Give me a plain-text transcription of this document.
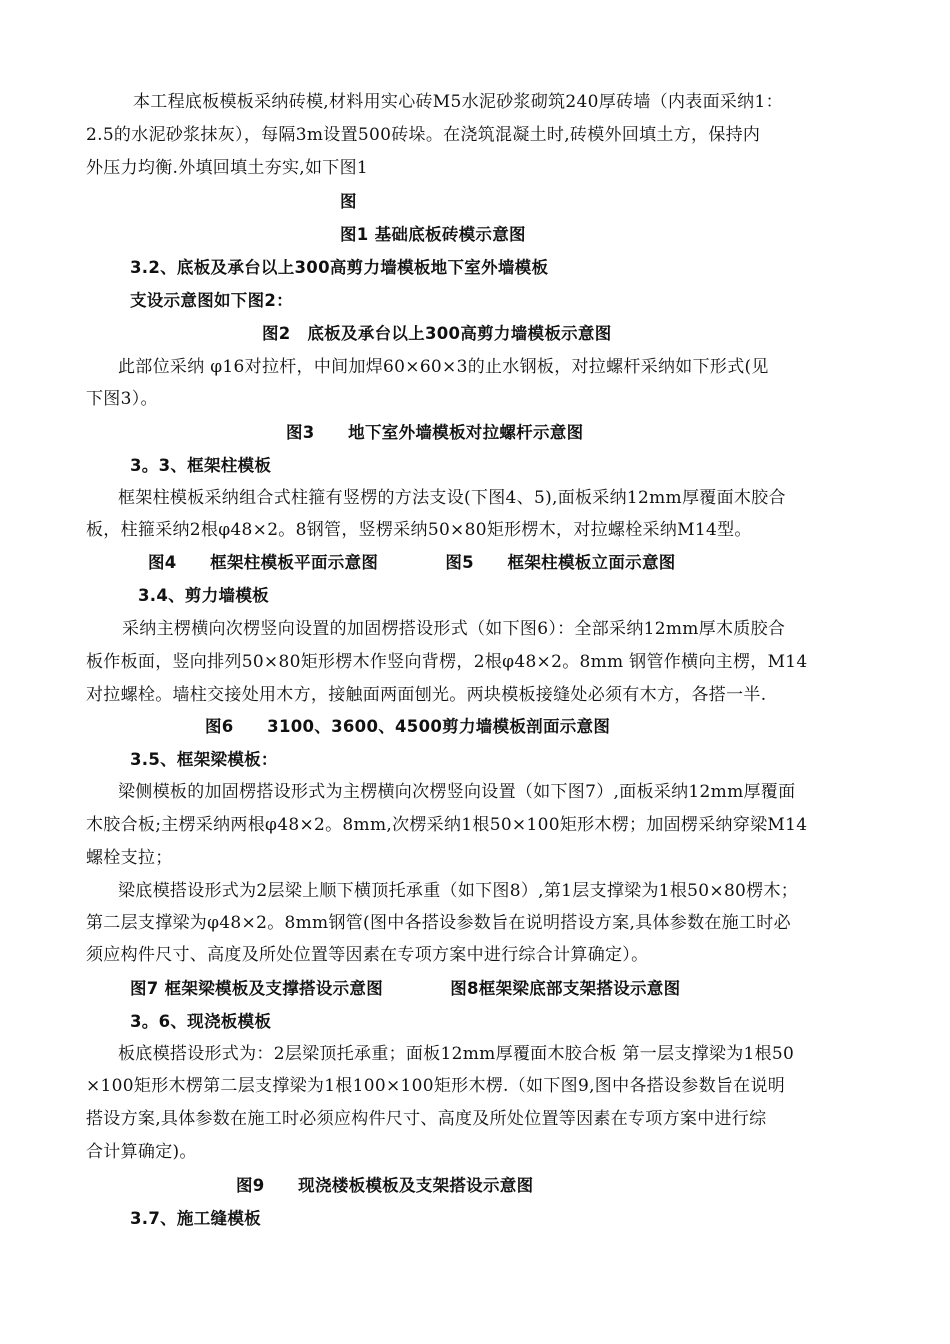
本工程底板模板采纳砖模,材料用实心砖M5水泥砂浆砌筑240厚砖墙（内表面采纳1：
2.5的水泥砂浆抹灰），每隔3m设置500砖垛。在浇筑混凝土时,砖模外回填土方，保持内
外压力均衡.外填回填土夯实,如下图1
图
图1 基础底板砖模示意图
3.2、底板及承台以上300高剪力墙模板地下室外墙模板
支设示意图如下图2：
图2　底板及承台以上300高剪力墙模板示意图
此部位采纳 φ16对拉杆，中间加焊60×60×3的止水钢板，对拉螺杆采纳如下形式(见
下图3）。
图3　　地下室外墙模板对拉螺杆示意图
3。3、框架柱模板
框架柱模板采纳组合式柱箍有竖楞的方法支设(下图4、5),面板采纳12mm厚覆面木胶合
板，柱箍采纳2根φ48×2。8钢管，竖楞采纳50×80矩形楞木，对拉螺栓采纳M14型。
图4　　框架柱模板平面示意图　　　　图5　　框架柱模板立面示意图
3.4、剪力墙模板
采纳主楞横向次楞竖向设置的加固楞搭设形式（如下图6）：全部采纳12mm厚木质胶合
板作板面，竖向排列50×80矩形楞木作竖向背楞，2根φ48×2。8mm 钢管作横向主楞，M14
对拉螺栓。墙柱交接处用木方，接触面两面刨光。两块模板接缝处必须有木方，各搭一半.
图6　　3100、3600、4500剪力墙模板剖面示意图
3.5、框架梁模板：
梁侧模板的加固楞搭设形式为主楞横向次楞竖向设置（如下图7）,面板采纳12mm厚覆面
木胶合板;主楞采纳两根φ48×2。8mm,次楞采纳1根50×100矩形木楞；加固楞采纳穿梁M14
螺栓支拉；
梁底模搭设形式为2层梁上顺下横顶托承重（如下图8）,第1层支撑梁为1根50×80楞木；
第二层支撑梁为φ48×2。8mm钢管(图中各搭设参数旨在说明搭设方案,具体参数在施工时必
须应构件尺寸、高度及所处位置等因素在专项方案中进行综合计算确定）。
图7 框架梁模板及支撑搭设示意图　　　　图8框架梁底部支架搭设示意图
3。6、现浇板模板
板底模搭设形式为：2层梁顶托承重；面板12mm厚覆面木胶合板 第一层支撑梁为1根50
×100矩形木楞第二层支撑梁为1根100×100矩形木楞.（如下图9,图中各搭设参数旨在说明
搭设方案,具体参数在施工时必须应构件尺寸、高度及所处位置等因素在专项方案中进行综
合计算确定)。
图9　　现浇楼板模板及支架搭设示意图
3.7、施工缝模板
